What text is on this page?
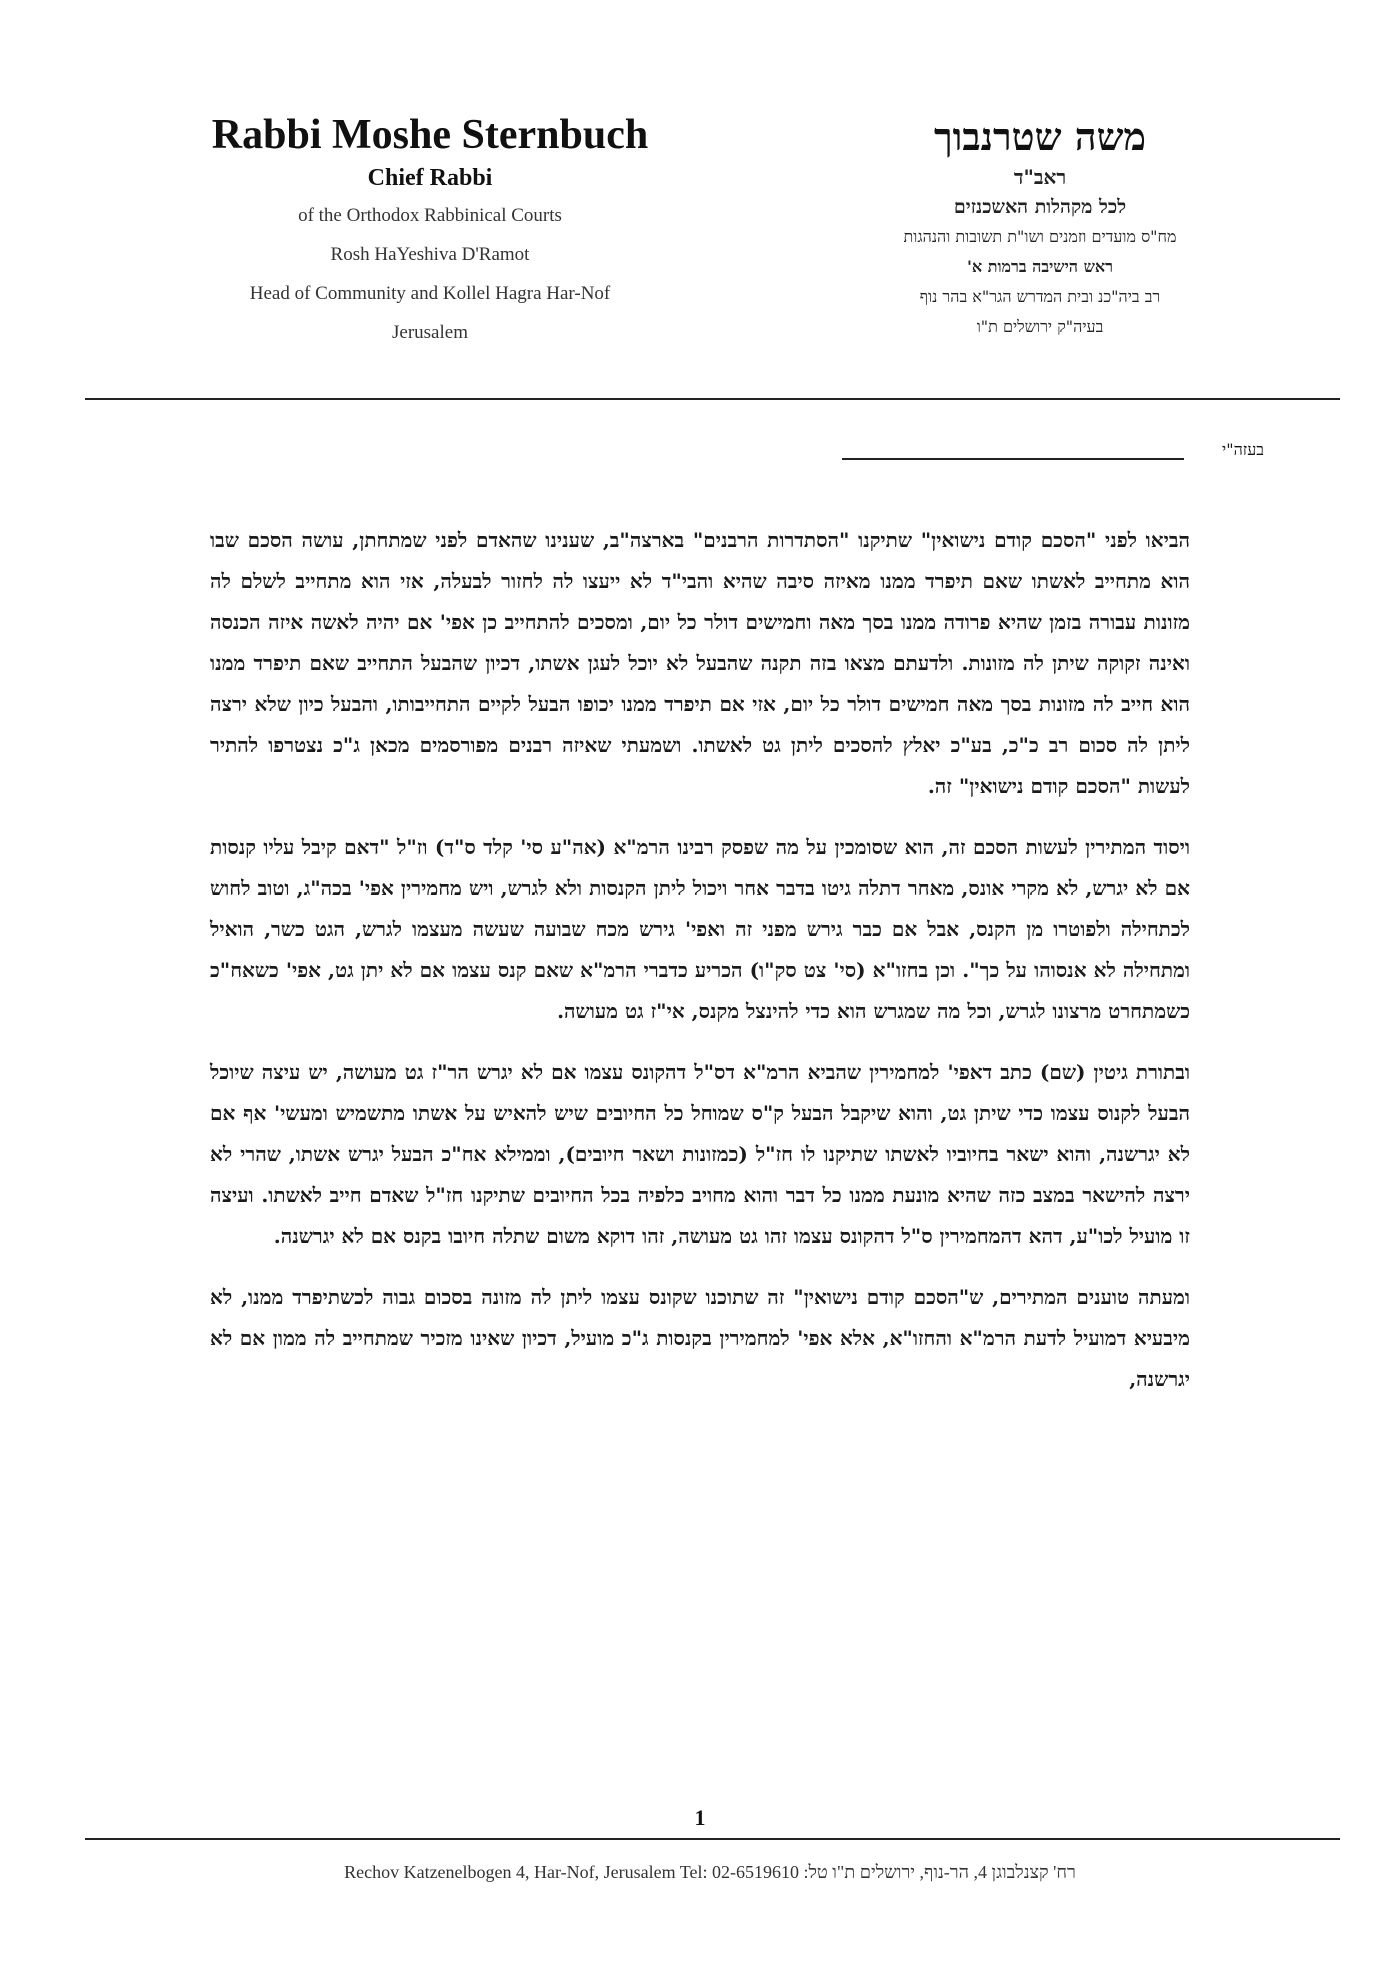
Rabbi Moshe Sternbuch
Chief Rabbi
of the Orthodox Rabbinical Courts
Rosh HaYeshiva D'Ramot
Head of Community and Kollel Hagra Har-Nof
Jerusalem
משה שטרנבוך
ראב"ד
לכל מקהלות האשכנזים
מח"ס מועדים וזמנים ושו"ת תשובות והנהגות
ראש הישיבה ברמות א'
רב ביה"כנ ובית המדרש הגר"א בהר נוף
בעיה"ק ירושלים ת"ו
בעזה"י

הביאו לפני "הסכם קודם נישואין" שתיקנו "הסתדרות הרבנים" בארצה"ב, שענינו שהאדם לפני שמתחתן, עושה הסכם שבו הוא מתחייב לאשתו שאם תיפרד ממנו מאיזה סיבה שהיא והבי"ד לא ייעצו לה לחזור לבעלה, אזי הוא מתחייב לשלם לה מזונות עבורה בזמן שהיא פרודה ממנו בסך מאה וחמישים דולר כל יום, ומסכים להתחייב כן אפי' אם יהיה לאשה איזה הכנסה ואינה זקוקה שיתן לה מזונות. ולדעתם מצאו בזה תקנה שהבעל לא יוכל לעגן אשתו, דכיון שהבעל התחייב שאם תיפרד ממנו הוא חייב לה מזונות בסך מאה חמישים דולר כל יום, אזי אם תיפרד ממנו יכופו הבעל לקיים התחייבותו, והבעל כיון שלא ירצה ליתן לה סכום רב כ"כ, בע"כ יאלץ להסכים ליתן גט לאשתו. ושמעתי שאיזה רבנים מפורסמים מכאן ג"כ נצטרפו להתיר לעשות "הסכם קודם נישואין" זה.

ויסוד המתירין לעשות הסכם זה, הוא שסומכין על מה שפסק רבינו הרמ"א (אה"ע סי' קלד ס"ד) וז"ל "דאם קיבל עליו קנסות אם לא יגרש, לא מקרי אונס, מאחר דתלה גיטו בדבר אחר ויכול ליתן הקנסות ולא לגרש, ויש מחמירין אפי' בכה"ג, וטוב לחוש לכתחילה ולפוטרו מן הקנס, אבל אם כבר גירש מפני זה ואפי' גירש מכח שבועה שעשה מעצמו לגרש, הגט כשר, הואיל ומתחילה לא אנסוהו על כך". וכן בחזו"א (סי' צט סק"ו) הכריע כדברי הרמ"א שאם קנס עצמו אם לא יתן גט, אפי' כשאח"כ כשמתחרט מרצונו לגרש, וכל מה שמגרש הוא כדי להינצל מקנס, אי"ז גט מעושה.

ובתורת גיטין (שם) כתב דאפי' למחמירין שהביא הרמ"א דס"ל דהקונס עצמו אם לא יגרש הר"ז גט מעושה, יש עיצה שיוכל הבעל לקנוס עצמו כדי שיתן גט, והוא שיקבל הבעל ק"ס שמוחל כל החיובים שיש להאיש על אשתו מתשמיש ומעשי' אף אם לא יגרשנה, והוא ישאר בחיוביו לאשתו שתיקנו לו חז"ל (כמזונות ושאר חיובים), וממילא אח"כ הבעל יגרש אשתו, שהרי לא ירצה להישאר במצב כזה שהיא מונעת ממנו כל דבר והוא מחויב כלפיה בכל החיובים שתיקנו חז"ל שאדם חייב לאשתו. ועיצה זו מועיל לכו"ע, דהא דהמחמירין ס"ל דהקונס עצמו זהו גט מעושה, זהו דוקא משום שתלה חיובו בקנס אם לא יגרשנה.

ומעתה טוענים המתירים, ש"הסכם קודם נישואין" זה שתוכנו שקונס עצמו ליתן לה מזונה בסכום גבוה לכשתיפרד ממנו, לא מיבעיא דמועיל לדעת הרמ"א והחזו"א, אלא אפי' למחמירין בקנסות ג"כ מועיל, דכיון שאינו מזכיר שמתחייב לה ממון אם לא יגרשנה,

1
Rechov Katzenelbogen 4, Har-Nof, Jerusalem Tel: 02-6519610 :רח' קצנלבוגן 4, הר-נוף, ירושלים ת"ו טל
